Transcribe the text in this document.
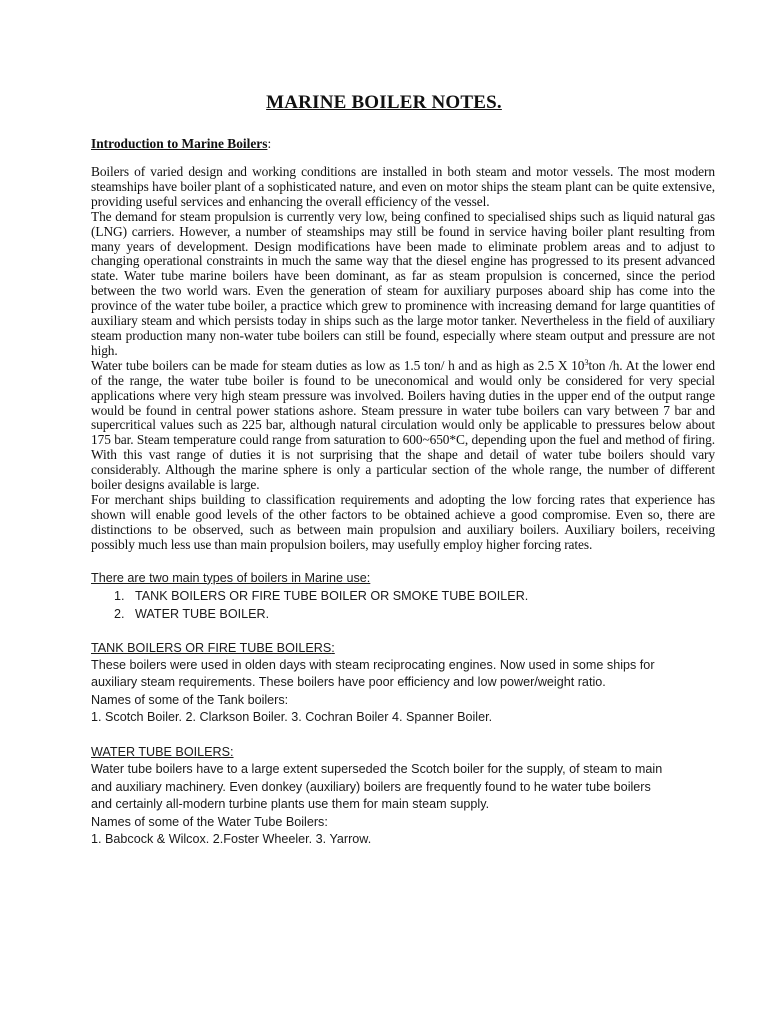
MARINE BOILER NOTES.
Introduction to Marine Boilers:

Boilers of varied design and working conditions are installed in both steam and motor vessels. The most modern steamships have boiler plant of a sophisticated nature, and even on motor ships the steam plant can be quite extensive, providing useful services and enhancing the overall efficiency of the vessel.

The demand for steam propulsion is currently very low, being confined to specialised ships such as liquid natural gas (LNG) carriers. However, a number of steamships may still be found in service having boiler plant resulting from many years of development. Design modifications have been made to eliminate problem areas and to adjust to changing operational constraints in much the same way that the diesel engine has progressed to its present advanced state. Water tube marine boilers have been dominant, as far as steam propulsion is concerned, since the period between the two world wars. Even the generation of steam for auxiliary purposes aboard ship has come into the province of the water tube boiler, a practice which grew to prominence with increasing demand for large quantities of auxiliary steam and which persists today in ships such as the large motor tanker. Nevertheless in the field of auxiliary steam production many non-water tube boilers can still be found, especially where steam output and pressure are not high.

Water tube boilers can be made for steam duties as low as 1.5 ton/ h and as high as 2.5 X $10^3ton$ /h. At the lower end of the range, the water tube boiler is found to be uneconomical and would only be considered for very special applications where very high steam pressure was involved. Boilers having duties in the upper end of the output range would be found in central power stations ashore. Steam pressure in water tube boilers can vary between 7 bar and supercritical values such as 225 bar, although natural circulation would only be applicable to pressures below about 175 bar. Steam temperature could range from saturation to 600~650*C, depending upon the fuel and method of firing. With this vast range of duties it is not surprising that the shape and detail of water tube boilers should vary considerably. Although the marine sphere is only a particular section of the whole range, the number of different boiler designs available is large.

For merchant ships building to classification requirements and adopting the low forcing rates that experience has shown will enable good levels of the other factors to be obtained achieve a good compromise. Even so, there are distinctions to be observed, such as between main propulsion and auxiliary boilers. Auxiliary boilers, receiving possibly much less use than main propulsion boilers, may usefully employ higher forcing rates.

There are two main types of boilers in Marine use:
1. TANK BOILERS OR FIRE TUBE BOILER OR SMOKE TUBE BOILER.
2. WATER TUBE BOILER.
TANK BOILERS OR FIRE TUBE BOILERS:

These boilers were used in olden days with steam reciprocating engines. Now used in some ships for

auxiliary steam requirements. These boilers have poor efficiency and low power/weight ratio.

Names of some of the Tank boilers:

1. Scotch Boiler. 2. Clarkson Boiler. 3. Cochran Boiler 4. Spanner Boiler.

WATER TUBE BOILERS:

Water tube boilers have to a large extent superseded the Scotch boiler for the supply, of steam to main

and auxiliary machinery. Even donkey (auxiliary) boilers are frequently found to he water tube boilers

and certainly all-modern turbine plants use them for main steam supply.

Names of some of the Water Tube Boilers:

1. Babcock & Wilcox. 2.Foster Wheeler. 3. Yarrow.
